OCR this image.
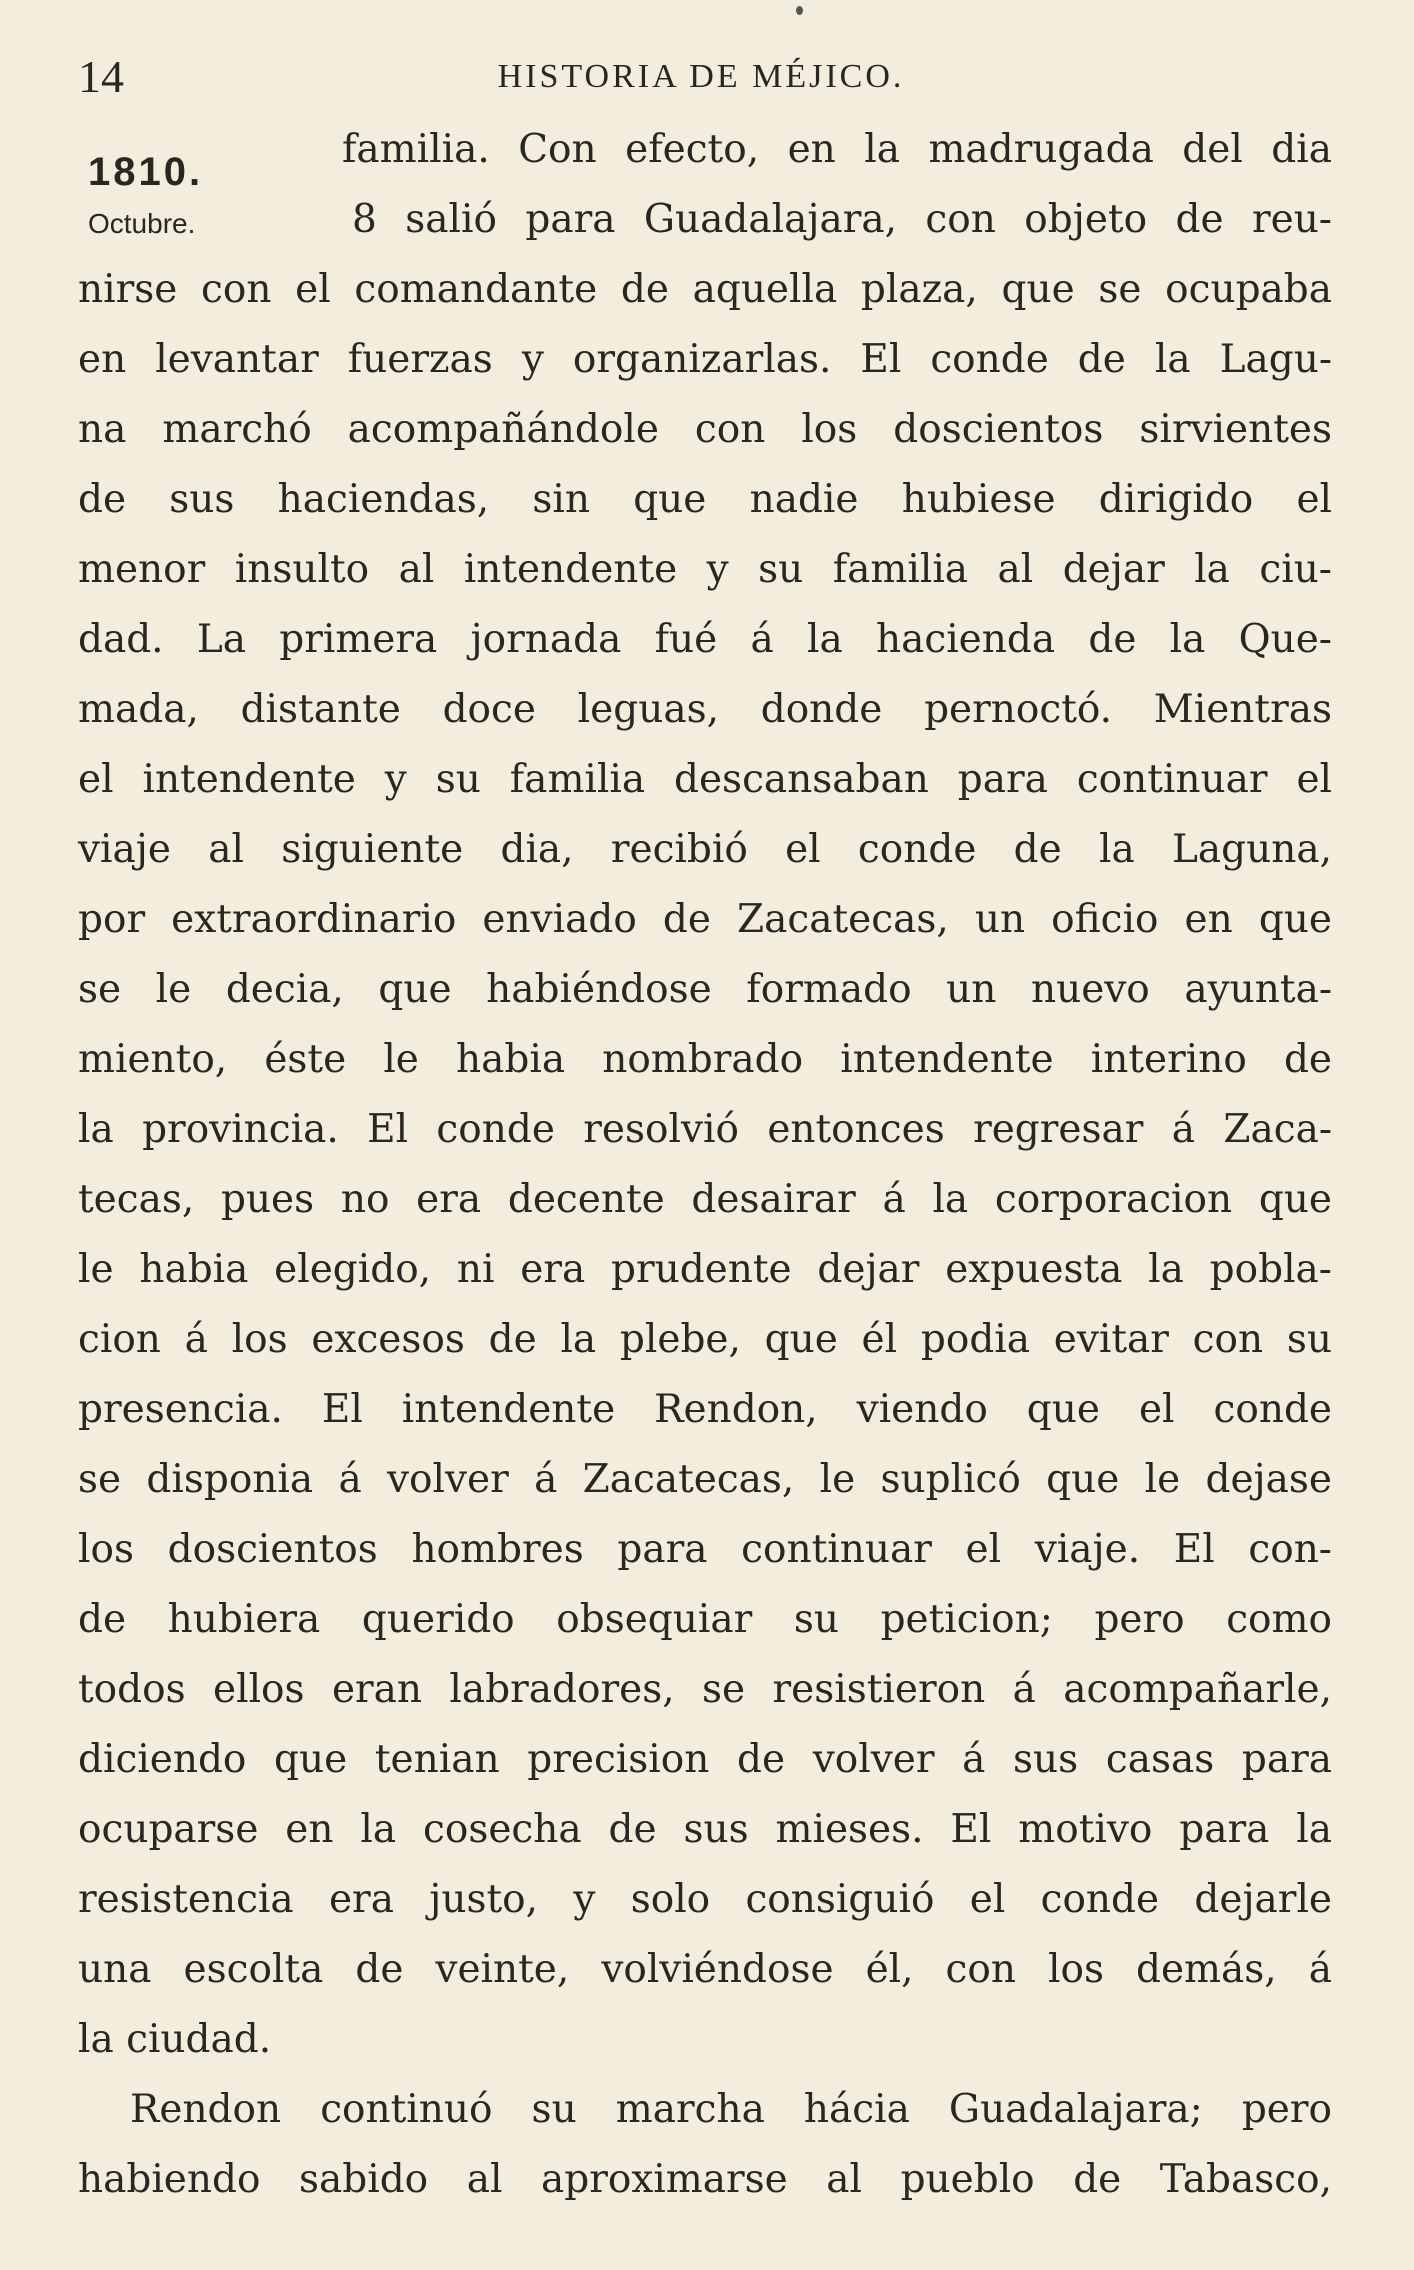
14	HISTORIA DE MÉJICO.
1810.
Octubre.
familia. Con efecto, en la madrugada del dia
8 salió para Guadalajara, con objeto de reu-
nirse con el comandante de aquella plaza, que se ocupaba
en levantar fuerzas y organizarlas. El conde de la Lagu-
na marchó acompañándole con los doscientos sirvientes
de sus haciendas, sin que nadie hubiese dirigido el
menor insulto al intendente y su familia al dejar la ciu-
dad. La primera jornada fué á la hacienda de la Que-
mada, distante doce leguas, donde pernoctó. Mientras
el intendente y su familia descansaban para continuar el
viaje al siguiente dia, recibió el conde de la Laguna,
por extraordinario enviado de Zacatecas, un oficio en que
se le decia, que habiéndose formado un nuevo ayunta-
miento, éste le habia nombrado intendente interino de
la provincia. El conde resolvió entonces regresar á Zaca-
tecas, pues no era decente desairar á la corporacion que
le habia elegido, ni era prudente dejar expuesta la pobla-
cion á los excesos de la plebe, que él podia evitar con su
presencia. El intendente Rendon, viendo que el conde
se disponia á volver á Zacatecas, le suplicó que le dejase
los doscientos hombres para continuar el viaje. El con-
de hubiera querido obsequiar su peticion; pero como
todos ellos eran labradores, se resistieron á acompañarle,
diciendo que tenian precision de volver á sus casas para
ocuparse en la cosecha de sus mieses. El motivo para la
resistencia era justo, y solo consiguió el conde dejarle
una escolta de veinte, volviéndose él, con los demás, á
la ciudad.
Rendon continuó su marcha hácia Guadalajara; pero
habiendo sabido al aproximarse al pueblo de Tabasco,
